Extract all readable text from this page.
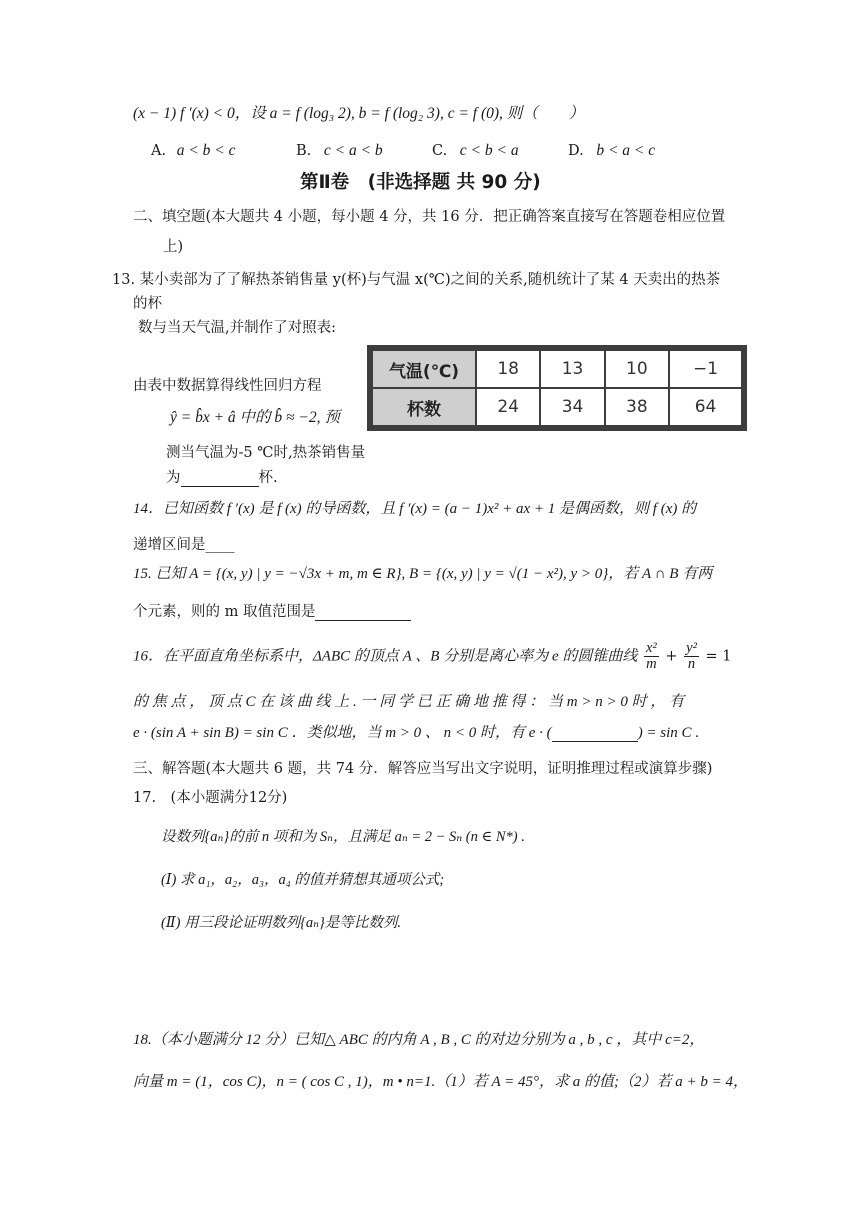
(x − 1) f ′(x) < 0，设 a = f (log₃ 2), b = f (log₂ 3), c = f (0), 则（　　）
A. a < b < c	B. c < a < b	C. c < b < a	D. b < a < c
第Ⅱ卷　(非选择题 共 90 分)
二、填空题(本大题共 4 小题，每小题 4 分，共 16 分．把正确答案直接写在答题卷相应位置
上)
13. 某小卖部为了了解热茶销售量 y(杯)与气温 x(℃)之间的关系,随机统计了某 4 天卖出的热茶
的杯
数与当天气温,并制作了对照表:
气温(℃)	18	13	10	−1
杯数	24	34	38	64
由表中数据算得线性回归方程
ŷ = b̂x + â 中的 b̂ ≈ −2, 预
测当气温为-5 ℃时,热茶销售量
为	杯.
14．已知函数 f ′(x) 是 f (x) 的导函数，且 f ′(x) = (a − 1)x² + ax + 1 是偶函数，则 f (x) 的
递增区间是____
15. 已知 A = {(x, y) | y = −√3x + m, m ∈ R}, B = {(x, y) | y = √(1 − x²), y > 0}，若 A ∩ B 有两
个元素，则的 m 取值范围是
16．在平面直角坐标系中，ΔABC 的顶点 A 、B 分别是离心率为 e 的圆锥曲线 $\frac{\text{x²}}{m} + \frac{\text{y²}}{n} = 1$
的 焦 点 ， 顶 点 C 在 该 曲 线 上 . 一 同 学 已 正 确 地 推 得 ： 当 m > n > 0 时 ， 有
e · (sin A + sin B) = sin C ．类似地，当 m > 0 、 n < 0 时，有 e · (	) = sin C .
三、解答题(本大题共 6 题，共 74 分．解答应当写出文字说明，证明推理过程或演算步骤)
17.　(本小题满分12分)
设数列{aₙ}的前 n 项和为 Sₙ，且满足 aₙ = 2 − Sₙ (n ∈ N*) .
(Ⅰ) 求 a₁，a₂，a₃，a₄ 的值并猜想其通项公式;
(Ⅱ) 用三段论证明数列{aₙ}是等比数列.
18.（本小题满分 12 分）已知△ ABC 的内角 A , B , C 的对边分别为 a , b , c ，其中 c=2，
向量 m = (1，cos C)，n = ( cos C , 1)，m • n=1.（1）若 A = 45°，求 a 的值;（2）若 a + b = 4，
